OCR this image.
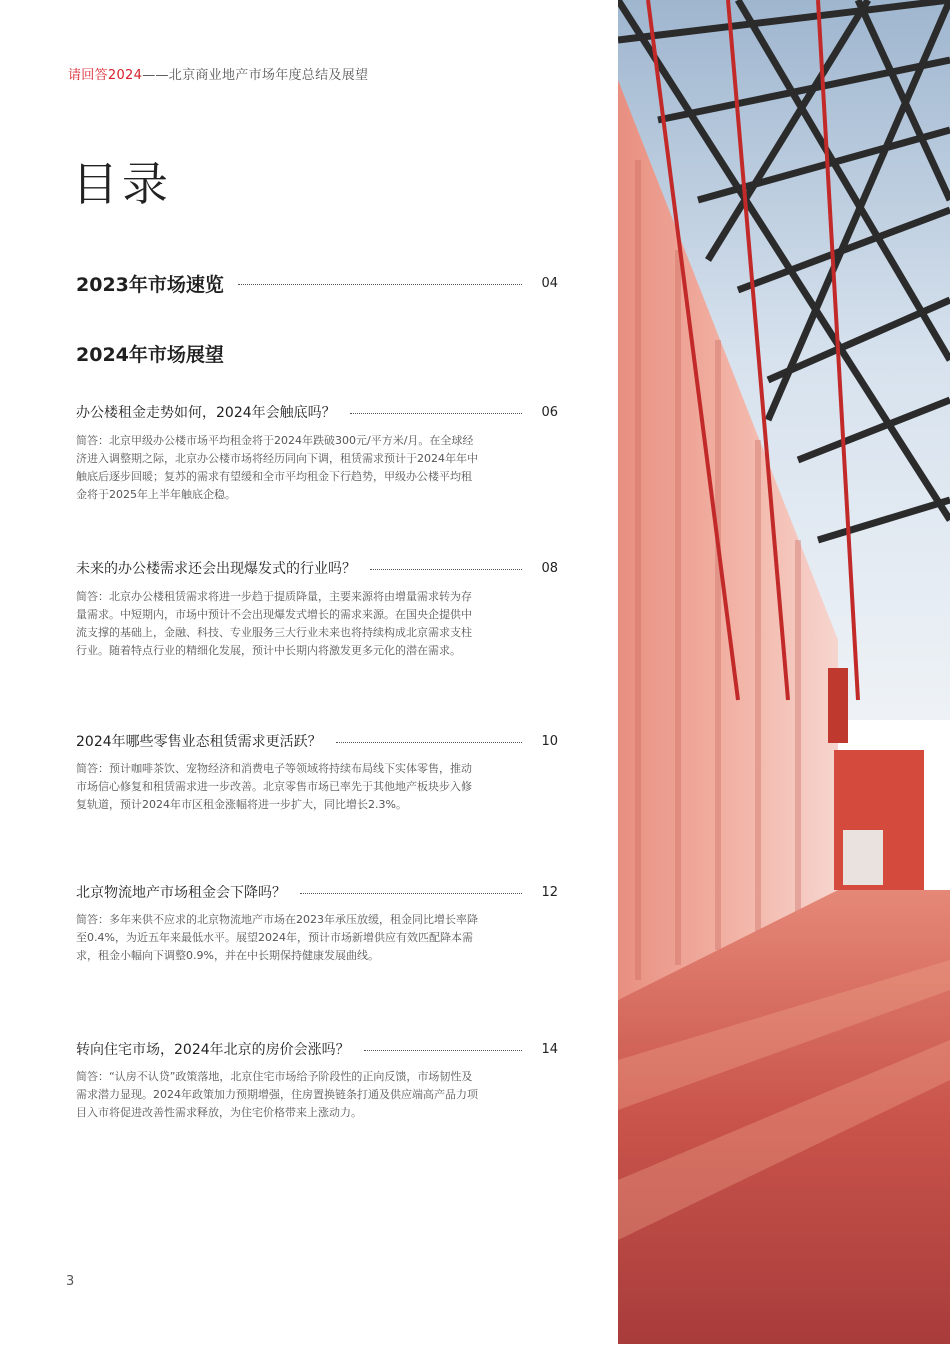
请回答2024——北京商业地产市场年度总结及展望
目录
2023年市场速览	04
2024年市场展望
办公楼租金走势如何，2024年会触底吗？	06
简答：北京甲级办公楼市场平均租金将于2024年跌破300元/平方米/月。在全球经济进入调整期之际，北京办公楼市场将经历同向下调，租赁需求预计于2024年年中触底后逐步回暖；复苏的需求有望缓和全市平均租金下行趋势，甲级办公楼平均租金将于2025年上半年触底企稳。
未来的办公楼需求还会出现爆发式的行业吗？	08
简答：北京办公楼租赁需求将进一步趋于提质降量，主要来源将由增量需求转为存量需求。中短期内，市场中预计不会出现爆发式增长的需求来源。在国央企提供中流支撑的基础上，金融、科技、专业服务三大行业未来也将持续构成北京需求支柱行业。随着特点行业的精细化发展，预计中长期内将激发更多元化的潜在需求。
2024年哪些零售业态租赁需求更活跃？	10
简答：预计咖啡茶饮、宠物经济和消费电子等领域将持续布局线下实体零售，推动市场信心修复和租赁需求进一步改善。北京零售市场已率先于其他地产板块步入修复轨道，预计2024年市区租金涨幅将进一步扩大，同比增长2.3%。
北京物流地产市场租金会下降吗？	12
简答：多年来供不应求的北京物流地产市场在2023年承压放缓，租金同比增长率降至0.4%，为近五年来最低水平。展望2024年，预计市场新增供应有效匹配降本需求，租金小幅向下调整0.9%，并在中长期保持健康发展曲线。
转向住宅市场，2024年北京的房价会涨吗？	14
简答：“认房不认贷”政策落地，北京住宅市场给予阶段性的正向反馈，市场韧性及需求潜力显现。2024年政策加力预期增强，住房置换链条打通及供应端高产品力项目入市将促进改善性需求释放，为住宅价格带来上涨动力。
3
